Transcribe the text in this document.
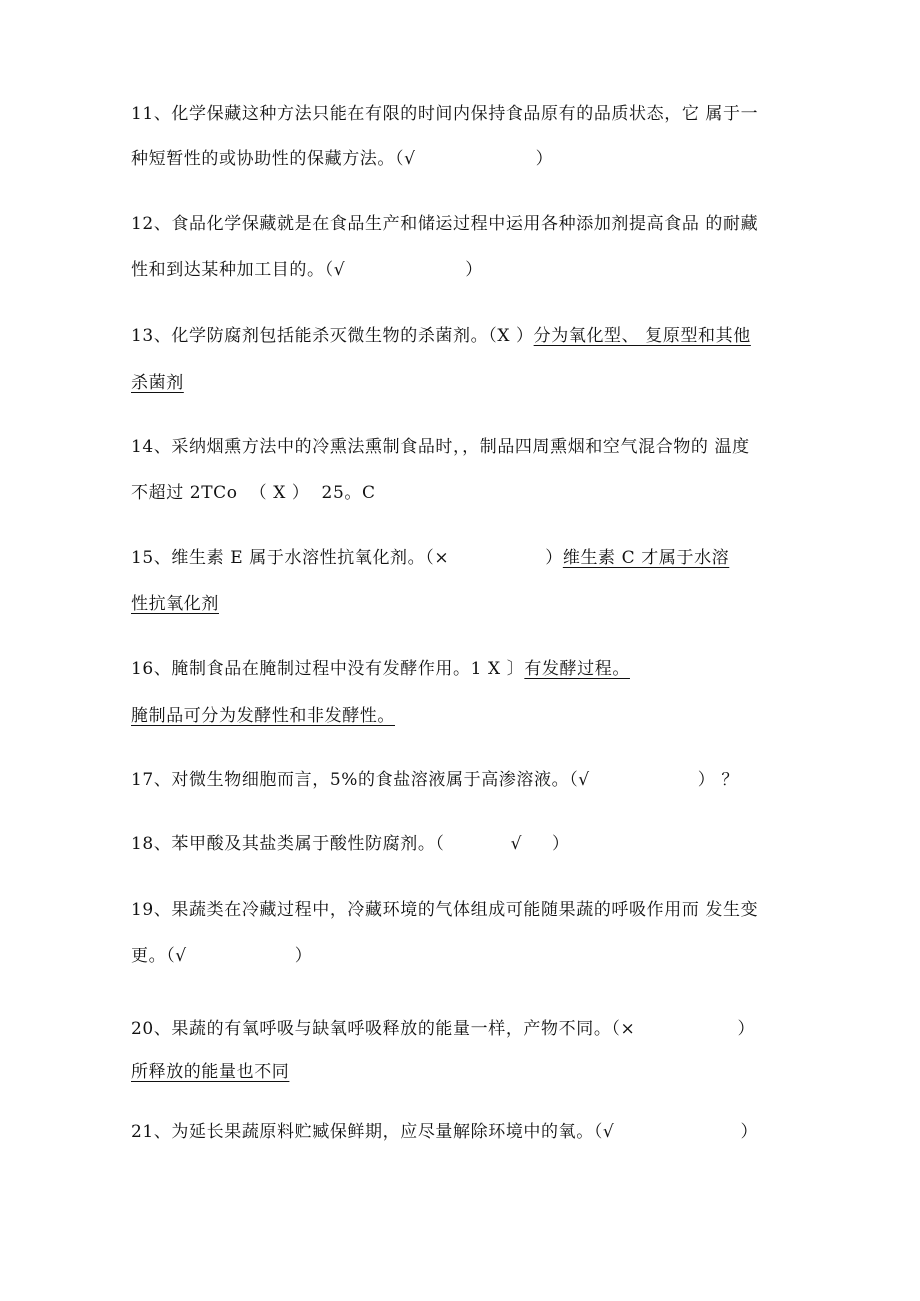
11、化学保藏这种方法只能在有限的时间内保持食品原有的品质状态，它 属于一
种短暂性的或协助性的保藏方法。（√                    ）
12、食品化学保藏就是在食品生产和储运过程中运用各种添加剂提高食品 的耐藏
性和到达某种加工目的。（√                    ）
13、化学防腐剂包括能杀灭微生物的杀菌剂。（X ）分为氧化型、 复原型和其他
杀菌剂
14、采纳烟熏方法中的冷熏法熏制食品时，，制品四周熏烟和空气混合物的 温度
不超过 2TCo  （ X ）  25。C
15、维生素 E 属于水溶性抗氧化剂。（×                ）维生素 C 才属于水溶
性抗氧化剂
16、腌制食品在腌制过程中没有发酵作用。1 X 〕有发酵过程。
腌制品可分为发酵性和非发酵性。
17、对微生物细胞而言，5%的食盐溶液属于高渗溶液。（√                  ） ？
18、苯甲酸及其盐类属于酸性防腐剂。（           √     ）
19、果蔬类在冷藏过程中，冷藏环境的气体组成可能随果蔬的呼吸作用而 发生变
更。（√                  ）
20、果蔬的有氧呼吸与缺氧呼吸释放的能量一样，产物不同。（×                 ）
所释放的能量也不同
21、为延长果蔬原料贮臧保鲜期，应尽量解除环境中的氧。（√                     ）
